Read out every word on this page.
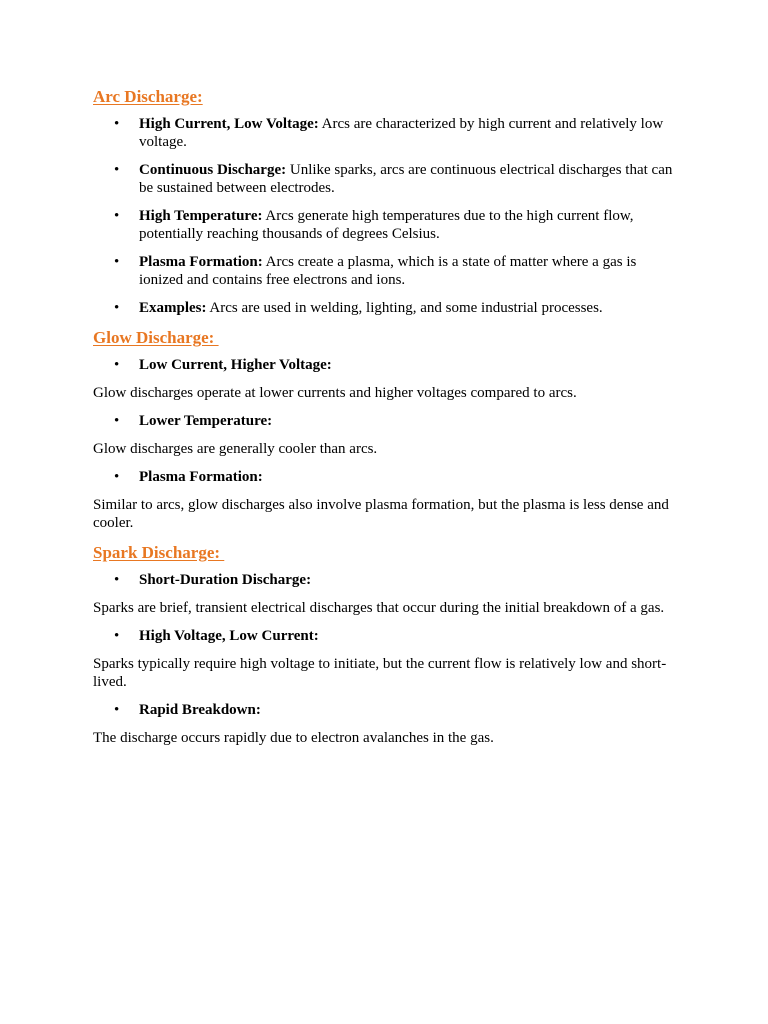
Arc Discharge:
• High Current, Low Voltage: Arcs are characterized by high current and relatively low voltage.
• Continuous Discharge: Unlike sparks, arcs are continuous electrical discharges that can be sustained between electrodes.
• High Temperature: Arcs generate high temperatures due to the high current flow, potentially reaching thousands of degrees Celsius.
• Plasma Formation: Arcs create a plasma, which is a state of matter where a gas is ionized and contains free electrons and ions.
• Examples: Arcs are used in welding, lighting, and some industrial processes.
Glow Discharge:
• Low Current, Higher Voltage:

Glow discharges operate at lower currents and higher voltages compared to arcs.

• Lower Temperature:

Glow discharges are generally cooler than arcs.

• Plasma Formation:

Similar to arcs, glow discharges also involve plasma formation, but the plasma is less dense and cooler.

Spark Discharge:
• Short-Duration Discharge:

Sparks are brief, transient electrical discharges that occur during the initial breakdown of a gas.

• High Voltage, Low Current:

Sparks typically require high voltage to initiate, but the current flow is relatively low and short-lived.

• Rapid Breakdown:

The discharge occurs rapidly due to electron avalanches in the gas.
